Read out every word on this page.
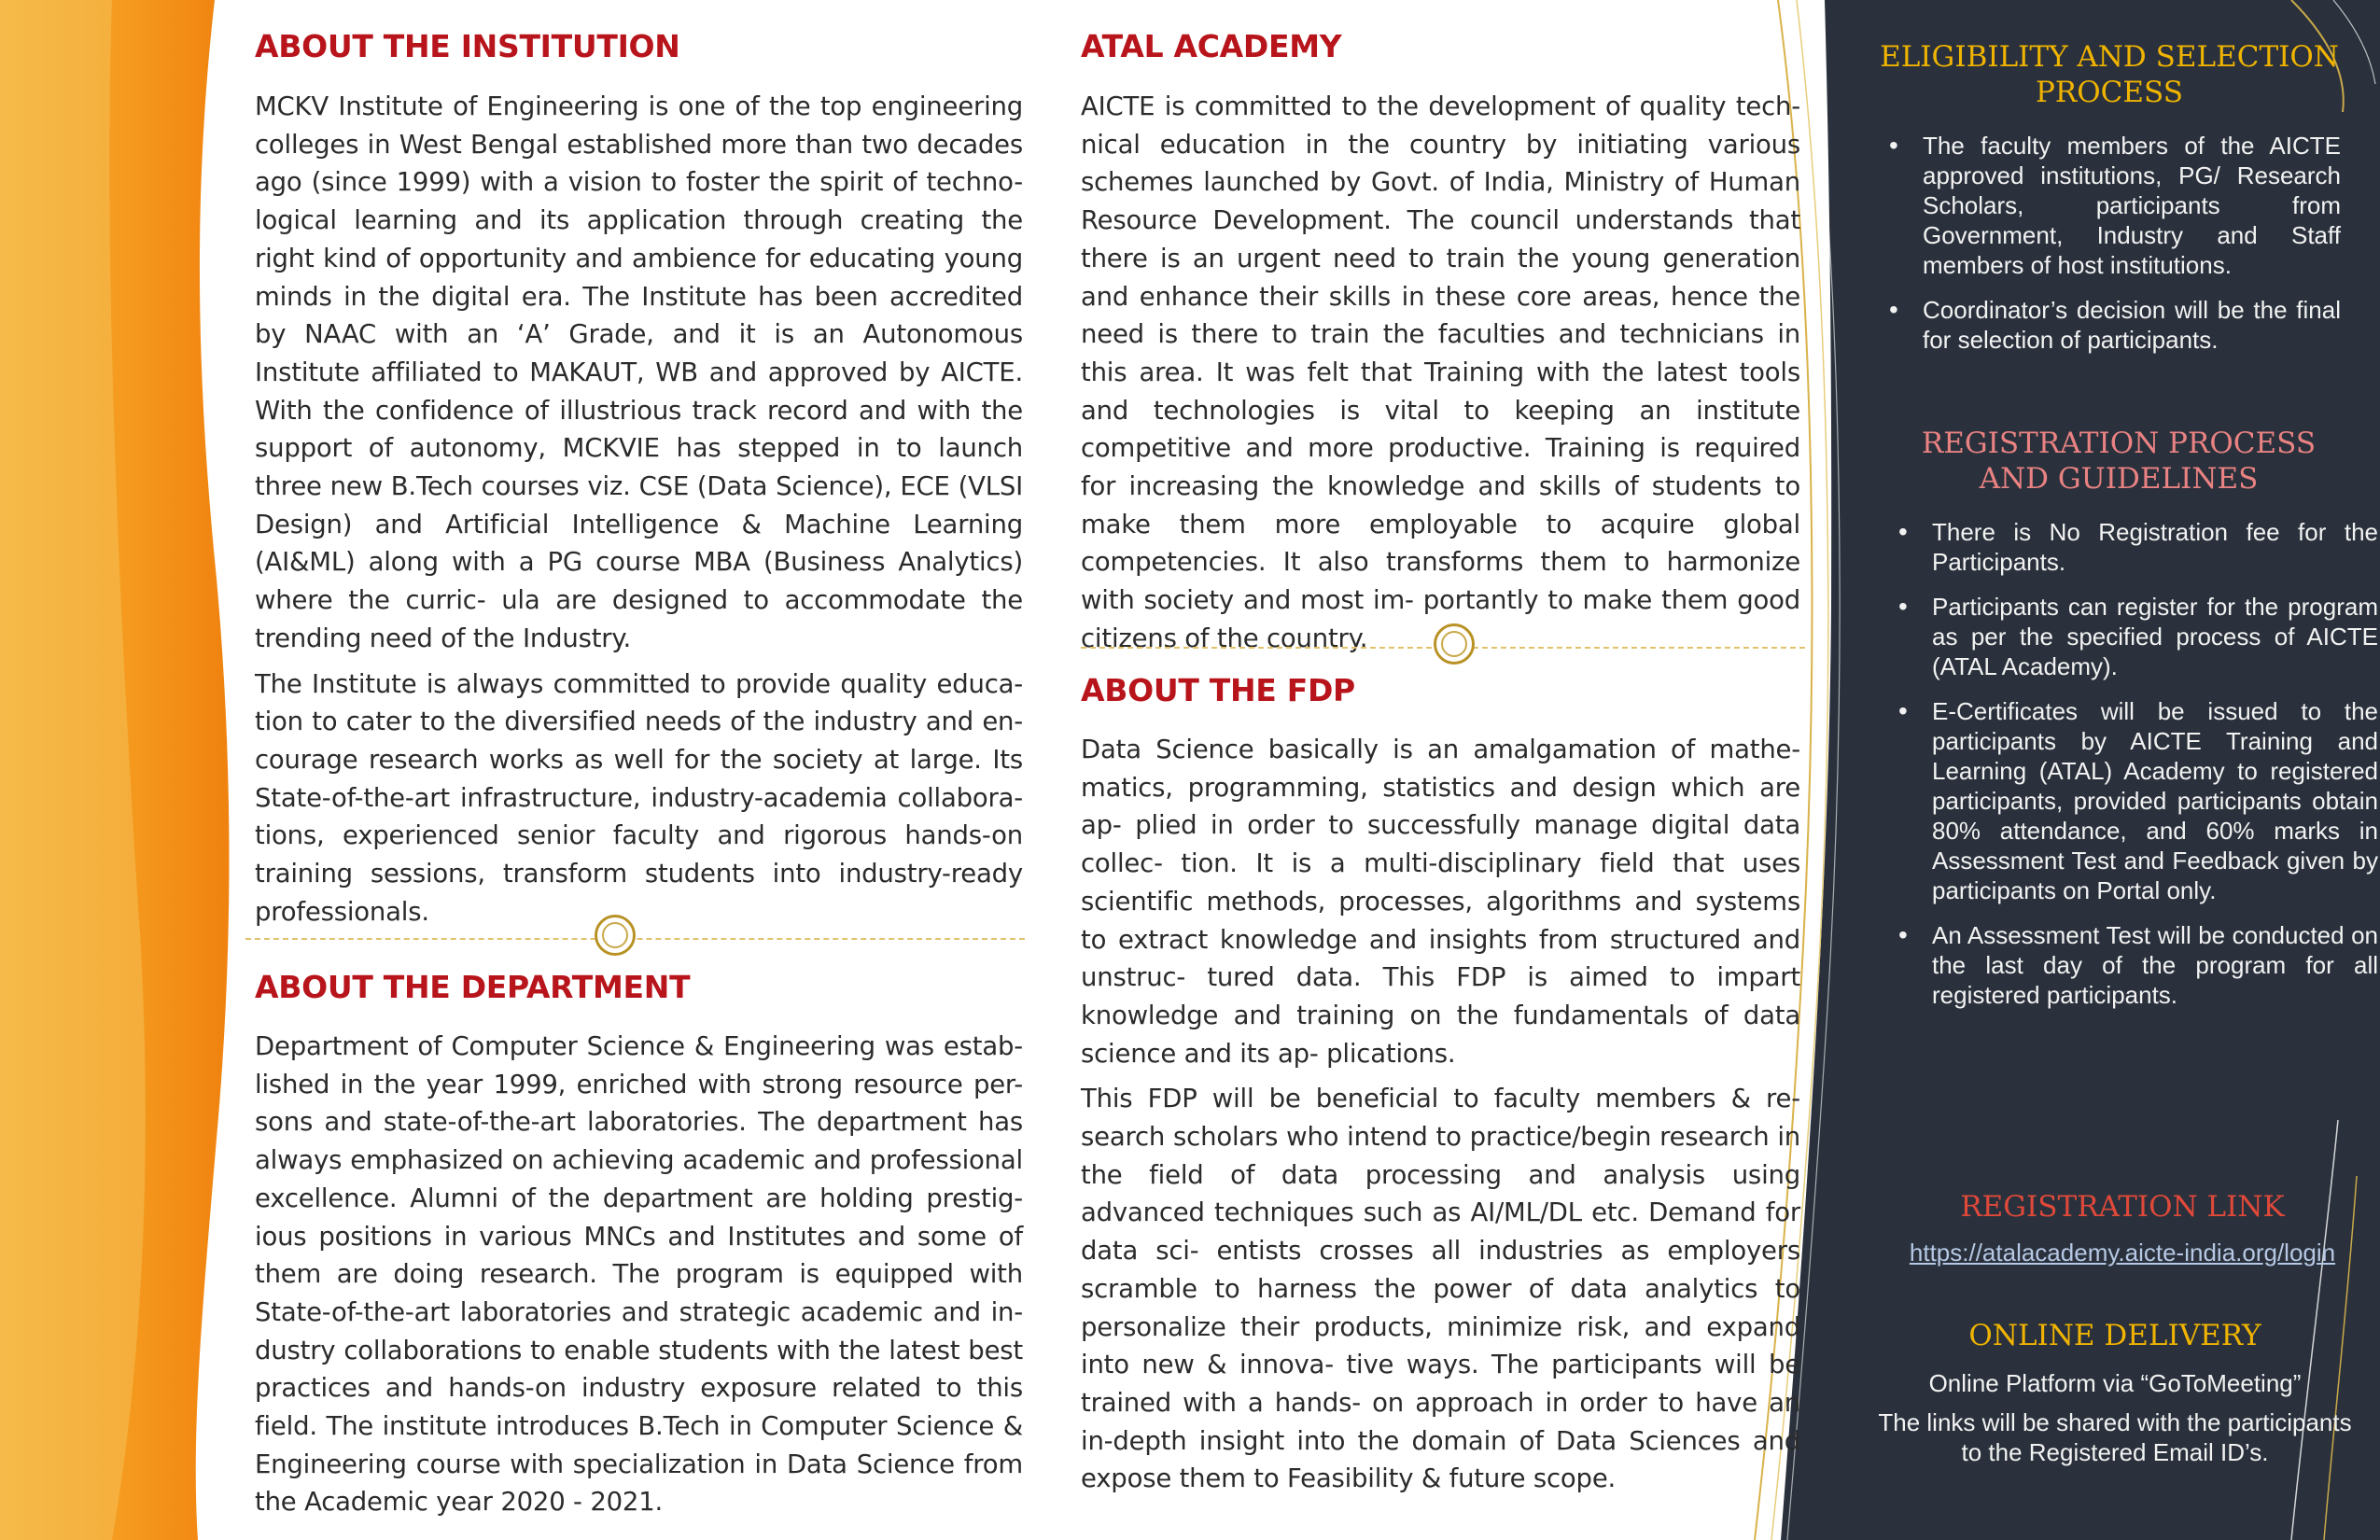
ABOUT THE INSTITUTION

MCKV Institute of Engineering is one of the top engineering colleges in West Bengal established more than two decades ago (since 1999) with a vision to foster the spirit of techno- logical learning and its application through creating the right kind of opportunity and ambience for educating young minds in the digital era. The Institute has been accredited by NAAC with an ‘A’ Grade, and it is an Autonomous Institute affiliated to MAKAUT, WB and approved by AICTE. With the confidence of illustrious track record and with the support of autonomy, MCKVIE has stepped in to launch three new B.Tech courses viz. CSE (Data Science), ECE (VLSI Design) and Artificial Intelligence & Machine Learning (AI&ML) along with a PG course MBA (Business Analytics) where the curric- ula are designed to accommodate the trending need of the Industry.

The Institute is always committed to provide quality educa- tion to cater to the diversified needs of the industry and en- courage research works as well for the society at large. Its State-of-the-art infrastructure, industry-academia collabora- tions, experienced senior faculty and rigorous hands-on training sessions, transform students into industry-ready professionals.

ABOUT THE DEPARTMENT

Department of Computer Science & Engineering was estab- lished in the year 1999, enriched with strong resource per- sons and state-of-the-art laboratories. The department has always emphasized on achieving academic and professional excellence. Alumni of the department are holding prestig- ious positions in various MNCs and Institutes and some of them are doing research. The program is equipped with State-of-the-art laboratories and strategic academic and in- dustry collaborations to enable students with the latest best practices and hands-on industry exposure related to this field. The institute introduces B.Tech in Computer Science & Engineering course with specialization in Data Science from the Academic year 2020 - 2021.

ATAL ACADEMY

AICTE is committed to the development of quality tech- nical education in the country by initiating various schemes launched by Govt. of India, Ministry of Human Resource Development. The council understands that there is an urgent need to train the young generation and enhance their skills in these core areas, hence the need is there to train the faculties and technicians in this area. It was felt that Training with the latest tools and technologies is vital to keeping an institute competitive and more productive. Training is required for increasing the knowledge and skills of students to make them more employable to acquire global competencies. It also transforms them to harmonize with society and most im- portantly to make them good citizens of the country.

ABOUT THE FDP

Data Science basically is an amalgamation of mathe- matics, programming, statistics and design which are ap- plied in order to successfully manage digital data collec- tion. It is a multi-disciplinary field that uses scientific methods, processes, algorithms and systems to extract knowledge and insights from structured and unstruc- tured data. This FDP is aimed to impart knowledge and training on the fundamentals of data science and its ap- plications.

This FDP will be beneficial to faculty members & re- search scholars who intend to practice/begin research in the field of data processing and analysis using advanced techniques such as AI/ML/DL etc. Demand for data sci- entists crosses all industries as employers scramble to harness the power of data analytics to personalize their products, minimize risk, and expand into new & innova- tive ways. The participants will be trained with a hands- on approach in order to have an in-depth insight into the domain of Data Sciences and expose them to Feasibility & future scope.

ELIGIBILITY AND SELECTION PROCESS
• The faculty members of the AICTE approved institutions, PG/ Research Scholars, participants from Government, Industry and Staff members of host institutions.
• Coordinator’s decision will be the final for selection of participants.
REGISTRATION PROCESS AND GUIDELINES
• There is No Registration fee for the Participants.
• Participants can register for the program as per the specified process of AICTE (ATAL Academy).
• E-Certificates will be issued to the participants by AICTE Training and Learning (ATAL) Academy to registered participants, provided participants obtain 80% attendance, and 60% marks in Assessment Test and Feedback given by participants on Portal only.
• An Assessment Test will be conducted on the last day of the program for all registered participants.
REGISTRATION LINK

https://atalacademy.aicte-india.org/login

ONLINE DELIVERY

Online Platform via “GoToMeeting”

The links will be shared with the participants to the Registered Email ID’s.
